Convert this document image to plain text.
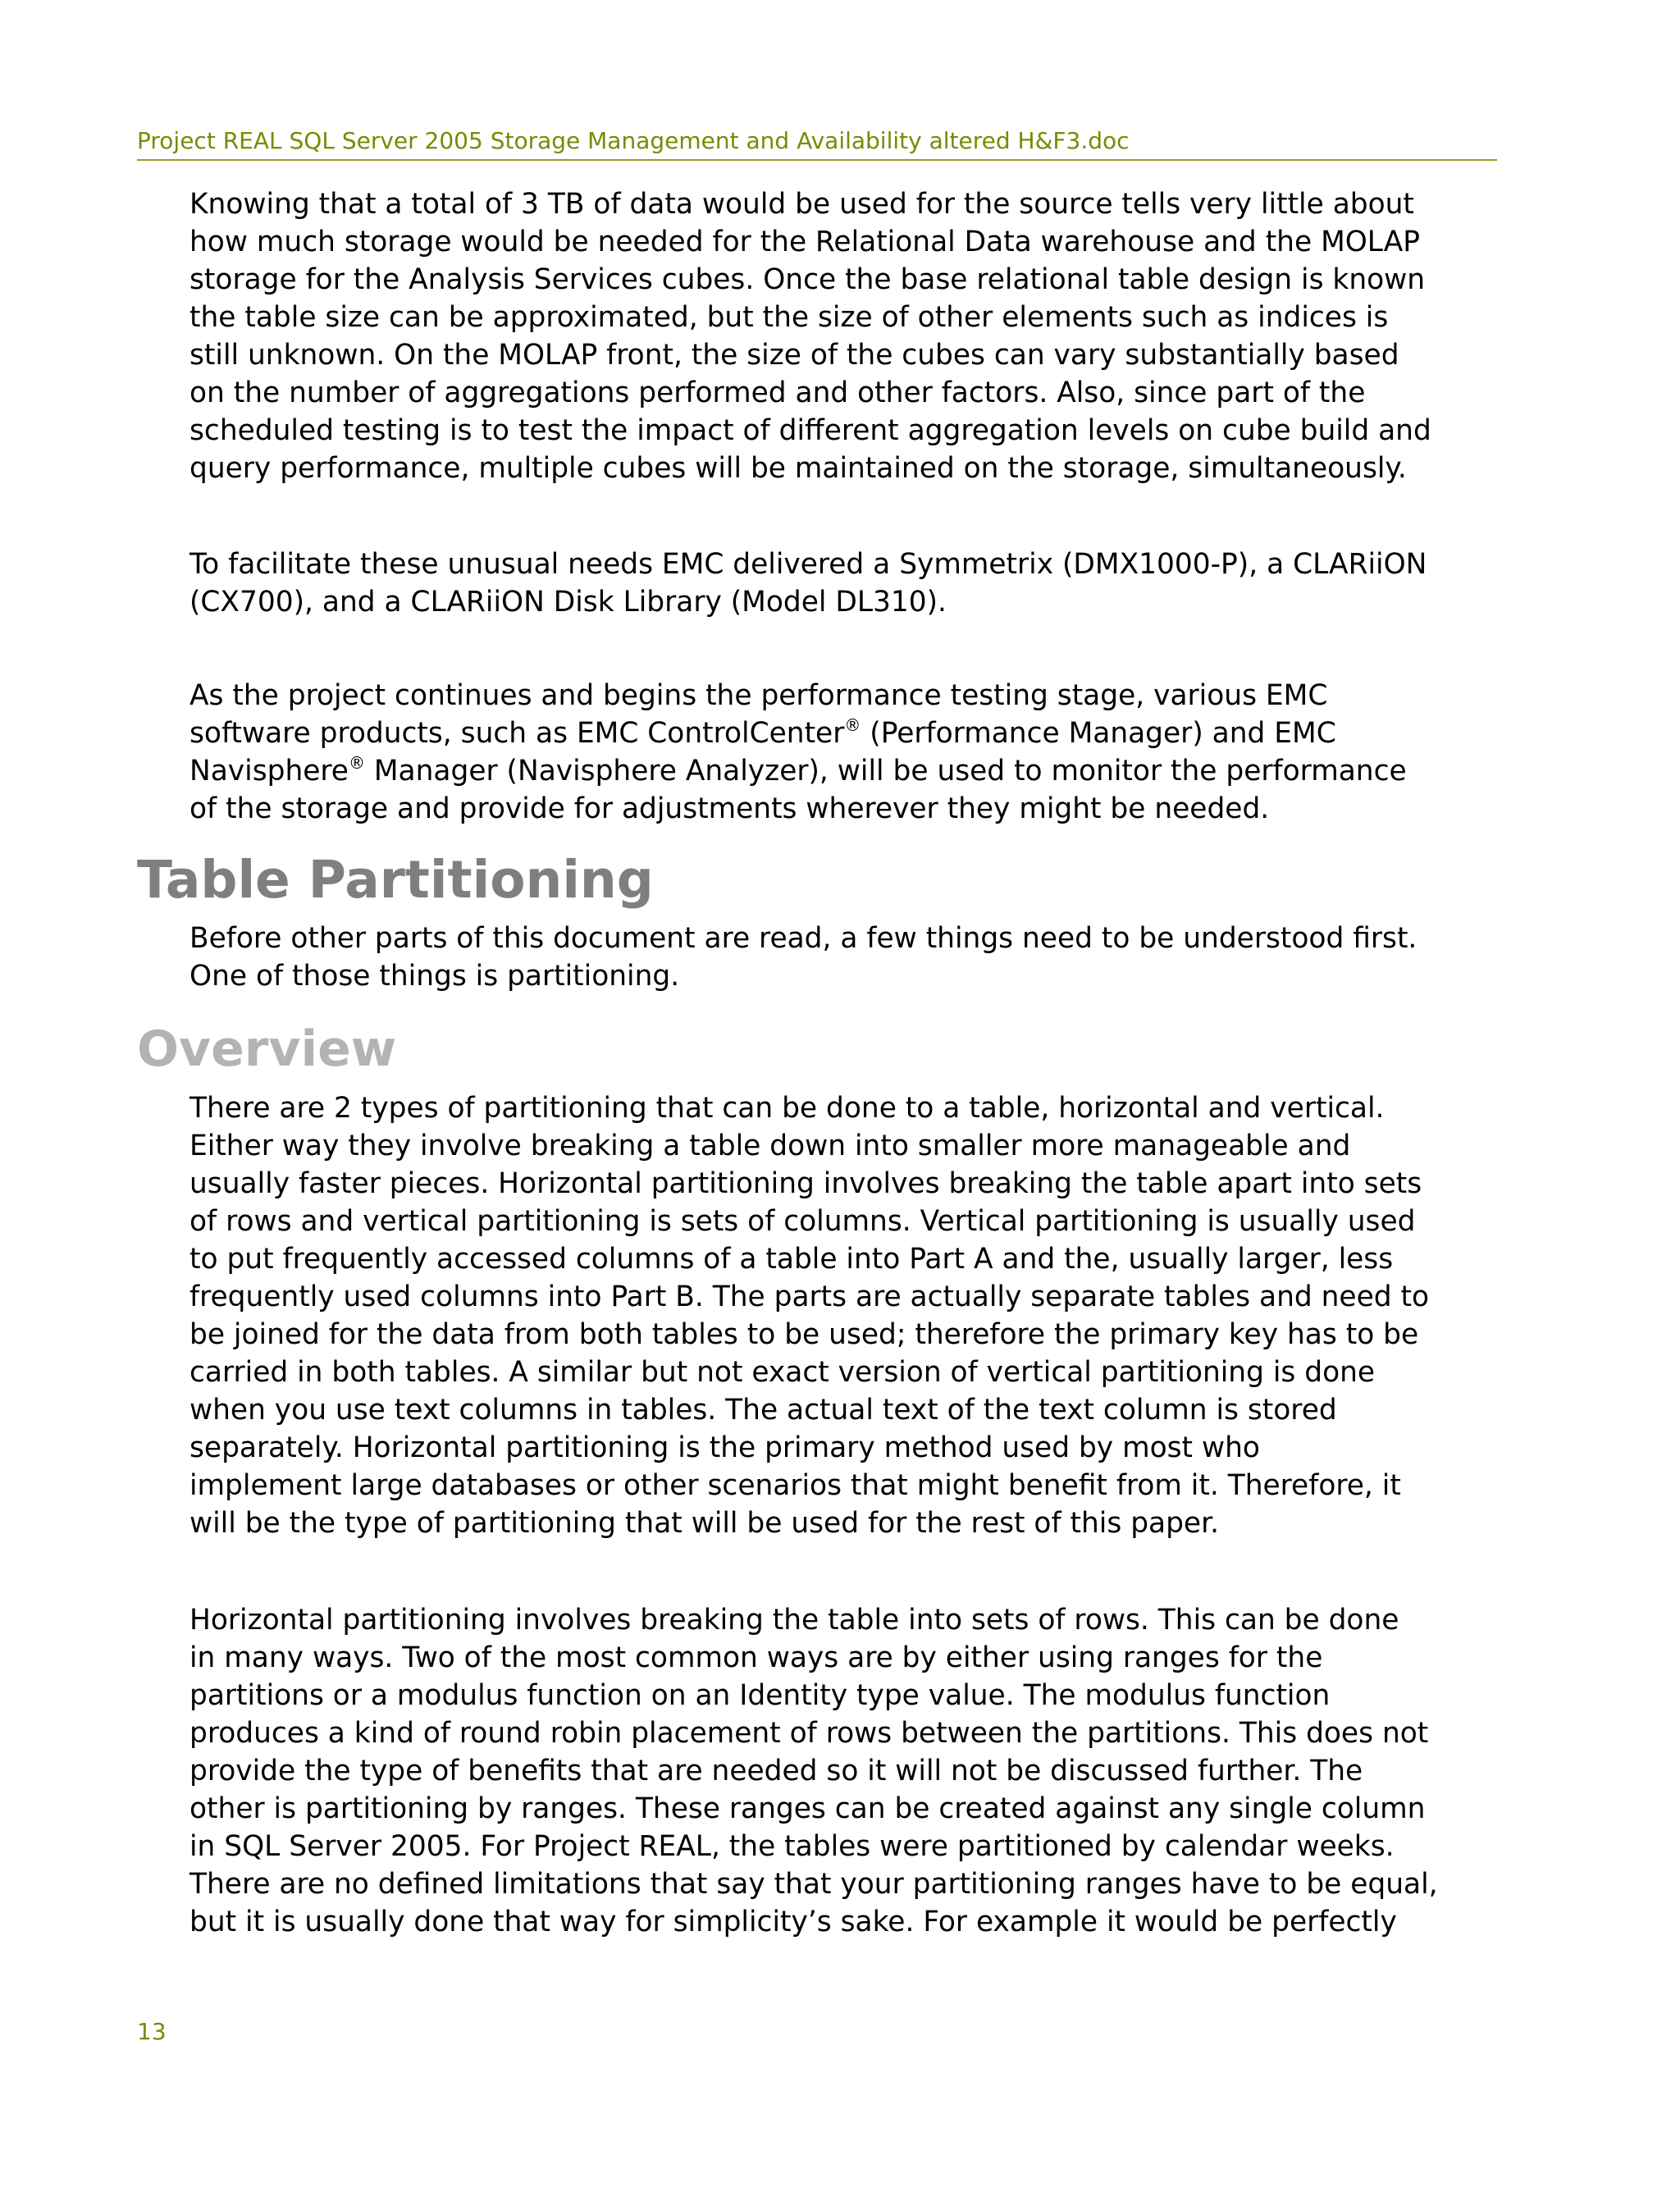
Project REAL SQL Server 2005 Storage Management and Availability altered H&F3.doc

Knowing that a total of 3 TB of data would be used for the source tells very little about
how much storage would be needed for the Relational Data warehouse and the MOLAP
storage for the Analysis Services cubes. Once the base relational table design is known
the table size can be approximated, but the size of other elements such as indices is
still unknown. On the MOLAP front, the size of the cubes can vary substantially based
on the number of aggregations performed and other factors. Also, since part of the
scheduled testing is to test the impact of different aggregation levels on cube build and
query performance, multiple cubes will be maintained on the storage, simultaneously.

To facilitate these unusual needs EMC delivered a Symmetrix (DMX1000-P), a CLARiiON
(CX700), and a CLARiiON Disk Library (Model DL310).

As the project continues and begins the performance testing stage, various EMC
software products, such as EMC ControlCenter® (Performance Manager) and EMC
Navisphere® Manager (Navisphere Analyzer), will be used to monitor the performance
of the storage and provide for adjustments wherever they might be needed.

Table Partitioning

Before other parts of this document are read, a few things need to be understood first.
One of those things is partitioning.

Overview

There are 2 types of partitioning that can be done to a table, horizontal and vertical.
Either way they involve breaking a table down into smaller more manageable and
usually faster pieces. Horizontal partitioning involves breaking the table apart into sets
of rows and vertical partitioning is sets of columns. Vertical partitioning is usually used
to put frequently accessed columns of a table into Part A and the, usually larger, less
frequently used columns into Part B. The parts are actually separate tables and need to
be joined for the data from both tables to be used; therefore the primary key has to be
carried in both tables. A similar but not exact version of vertical partitioning is done
when you use text columns in tables. The actual text of the text column is stored
separately. Horizontal partitioning is the primary method used by most who
implement large databases or other scenarios that might benefit from it. Therefore, it
will be the type of partitioning that will be used for the rest of this paper.

Horizontal partitioning involves breaking the table into sets of rows. This can be done
in many ways. Two of the most common ways are by either using ranges for the
partitions or a modulus function on an Identity type value. The modulus function
produces a kind of round robin placement of rows between the partitions. This does not
provide the type of benefits that are needed so it will not be discussed further. The
other is partitioning by ranges. These ranges can be created against any single column
in SQL Server 2005. For Project REAL, the tables were partitioned by calendar weeks.
There are no defined limitations that say that your partitioning ranges have to be equal,
but it is usually done that way for simplicity’s sake. For example it would be perfectly

13
